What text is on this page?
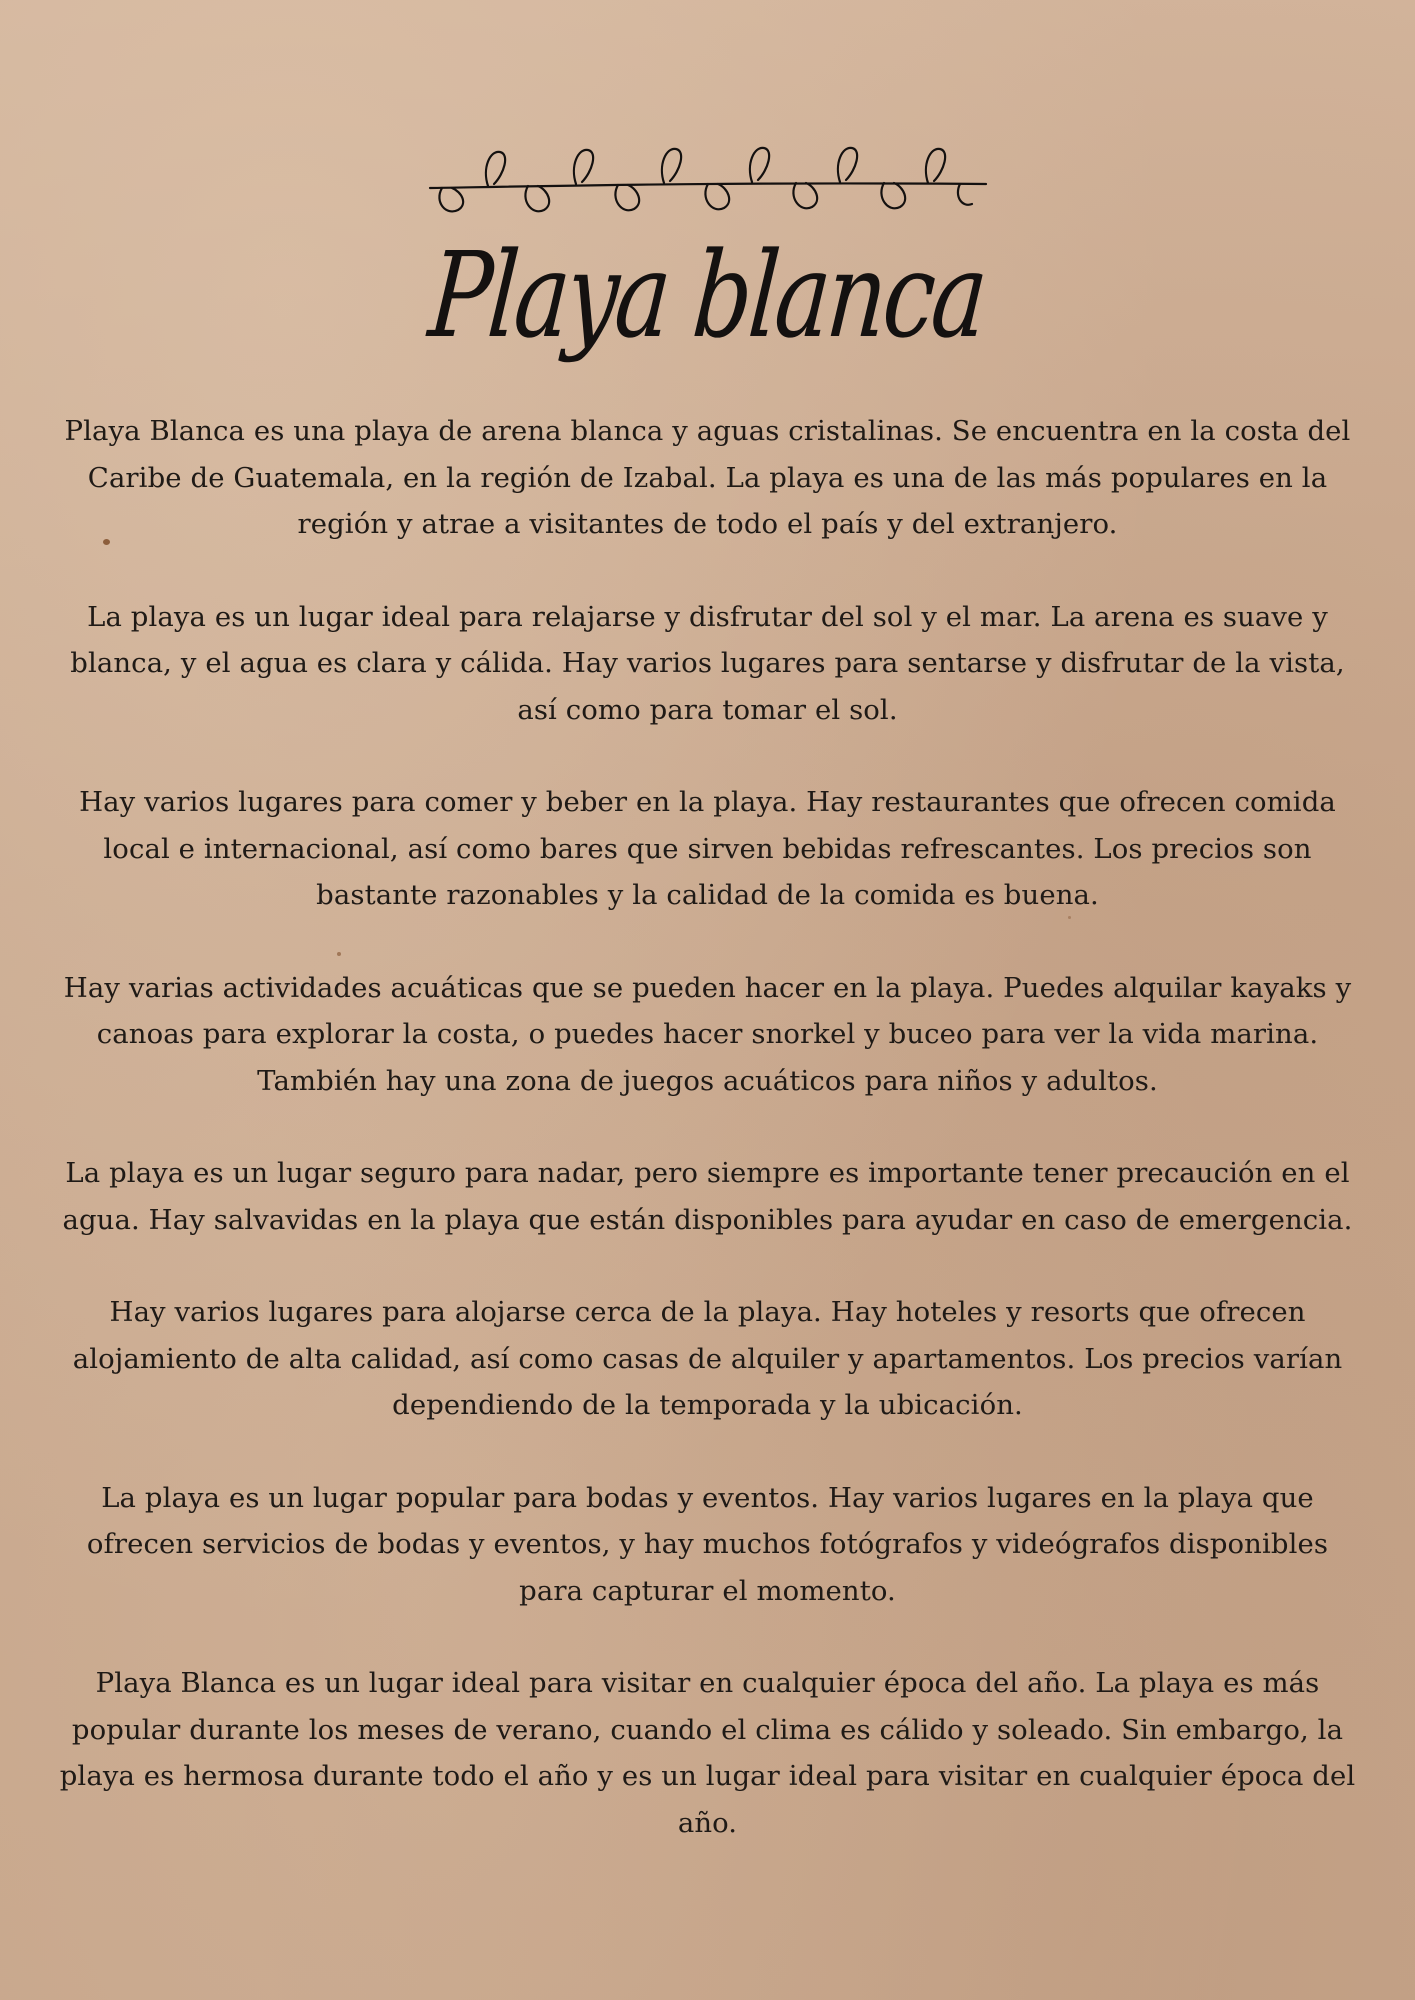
Playa blanca

Playa Blanca es una playa de arena blanca y aguas cristalinas. Se encuentra en la costa del Caribe de Guatemala, en la región de Izabal. La playa es una de las más populares en la región y atrae a visitantes de todo el país y del extranjero.

La playa es un lugar ideal para relajarse y disfrutar del sol y el mar. La arena es suave y blanca, y el agua es clara y cálida. Hay varios lugares para sentarse y disfrutar de la vista, así como para tomar el sol.

Hay varios lugares para comer y beber en la playa. Hay restaurantes que ofrecen comida local e internacional, así como bares que sirven bebidas refrescantes. Los precios son bastante razonables y la calidad de la comida es buena.

Hay varias actividades acuáticas que se pueden hacer en la playa. Puedes alquilar kayaks y canoas para explorar la costa, o puedes hacer snorkel y buceo para ver la vida marina. También hay una zona de juegos acuáticos para niños y adultos.

La playa es un lugar seguro para nadar, pero siempre es importante tener precaución en el agua. Hay salvavidas en la playa que están disponibles para ayudar en caso de emergencia.

Hay varios lugares para alojarse cerca de la playa. Hay hoteles y resorts que ofrecen alojamiento de alta calidad, así como casas de alquiler y apartamentos. Los precios varían dependiendo de la temporada y la ubicación.

La playa es un lugar popular para bodas y eventos. Hay varios lugares en la playa que ofrecen servicios de bodas y eventos, y hay muchos fotógrafos y videógrafos disponibles para capturar el momento.

Playa Blanca es un lugar ideal para visitar en cualquier época del año. La playa es más popular durante los meses de verano, cuando el clima es cálido y soleado. Sin embargo, la playa es hermosa durante todo el año y es un lugar ideal para visitar en cualquier época del año.
